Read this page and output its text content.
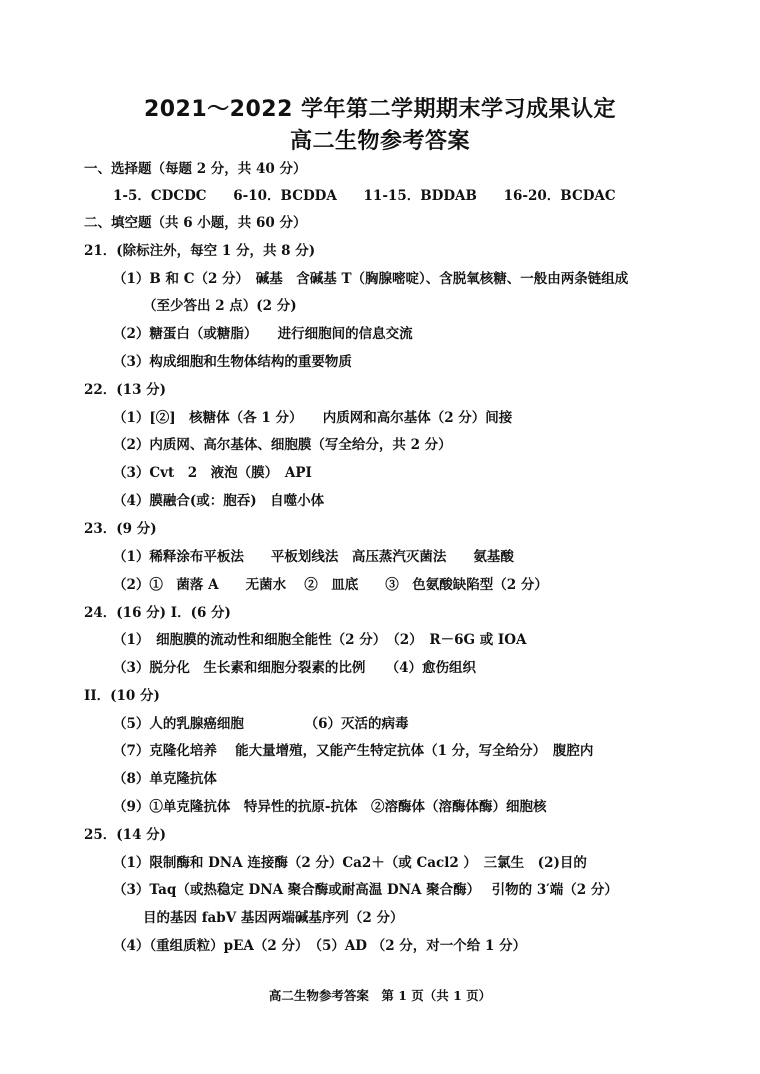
2021～2022 学年第二学期期末学习成果认定
高二生物参考答案
一、选择题（每题 2 分，共 40 分）
1-5．CDCDC 6-10．BCDDA 11-15．BDDAB 16-20．BCDAC
二、填空题（共 6 小题，共 60 分）
21．(除标注外，每空 1 分，共 8 分)
（1）B 和 C（2 分）　碱基　含碱基 T（胸腺嘧啶）、含脱氧核糖、一般由两条链组成
（至少答出 2 点）(2 分)
（2）糖蛋白（或糖脂）　　进行细胞间的信息交流
（3）构成细胞和生物体结构的重要物质
22．(13 分)
（1）[②]　核糖体（各 1 分）　　内质网和高尔基体（2 分）间接
（2）内质网、高尔基体、细胞膜（写全给分，共 2 分）
（3）Cvt　2　液泡（膜）　API
（4）膜融合(或：胞吞)　自噬小体
23．(9 分)
（1）稀释涂布平板法　　平板划线法　高压蒸汽灭菌法　　氨基酸
（2）①　菌落 A　　无菌水　 ②　皿底　　③　色氨酸缺陷型（2 分）
24．(16 分) I．(6 分)
（1）　细胞膜的流动性和细胞全能性（2 分）　（2）　R－6G 或 IOA
（3）脱分化　生长素和细胞分裂素的比例　　（4）愈伤组织
II．(10 分)
（5）人的乳腺癌细胞　　　　　（6）灭活的病毒
（7）克隆化培养　 能大量增殖，又能产生特定抗体（1 分，写全给分）　腹腔内
（8）单克隆抗体
（9）①单克隆抗体　特异性的抗原-抗体　②溶酶体（溶酶体酶）细胞核
25．(14 分)
（1）限制酶和 DNA 连接酶（2 分）Ca2＋（或 Cacl2 ）　三氯生　(2)目的
（3）Taq（或热稳定 DNA 聚合酶或耐高温 DNA 聚合酶）　 引物的 3′端（2 分）
目的基因 fabV 基因两端碱基序列（2 分）
（4）（重组质粒）pEA（2 分）　（5）AD （2 分，对一个给 1 分）
高二生物参考答案　第 1 页（共 1 页）
